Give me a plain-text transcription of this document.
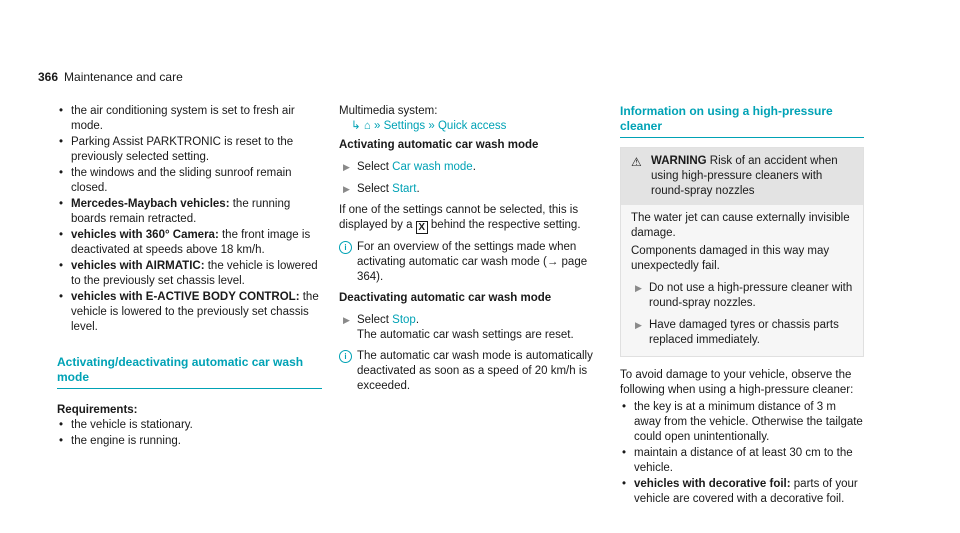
366 Maintenance and care
• the air conditioning system is set to fresh air mode.
• Parking Assist PARKTRONIC is reset to the previously selected setting.
• the windows and the sliding sunroof remain closed.
• Mercedes-Maybach vehicles: the running boards remain retracted.
• vehicles with 360° Camera: the front image is deactivated at speeds above 18 km/h.
• vehicles with AIRMATIC: the vehicle is lowered to the previously set chassis level.
• vehicles with E-ACTIVE BODY CONTROL: the vehicle is lowered to the previously set chassis level.
Activating/deactivating automatic car wash mode
Requirements:
• the vehicle is stationary.
• the engine is running.
Multimedia system:
↳ ⌂ » Settings » Quick access
Activating automatic car wash mode
▶ Select Car wash mode.
▶ Select Start.
If one of the settings cannot be selected, this is displayed by a X behind the respective setting.
i For an overview of the settings made when activating automatic car wash mode (→ page 364).
Deactivating automatic car wash mode
▶ Select Stop.
The automatic car wash settings are reset.
i The automatic car wash mode is automatically deactivated as soon as a speed of 20 km/h is exceeded.
Information on using a high-pressure cleaner
⚠ WARNING Risk of an accident when using high-pressure cleaners with round-spray nozzles
The water jet can cause externally invisible damage.
Components damaged in this way may unexpectedly fail.
▶ Do not use a high-pressure cleaner with round-spray nozzles.
▶ Have damaged tyres or chassis parts replaced immediately.
To avoid damage to your vehicle, observe the following when using a high-pressure cleaner:
• the key is at a minimum distance of 3 m away from the vehicle. Otherwise the tailgate could open unintentionally.
• maintain a distance of at least 30 cm to the vehicle.
• vehicles with decorative foil: parts of your vehicle are covered with a decorative foil.
